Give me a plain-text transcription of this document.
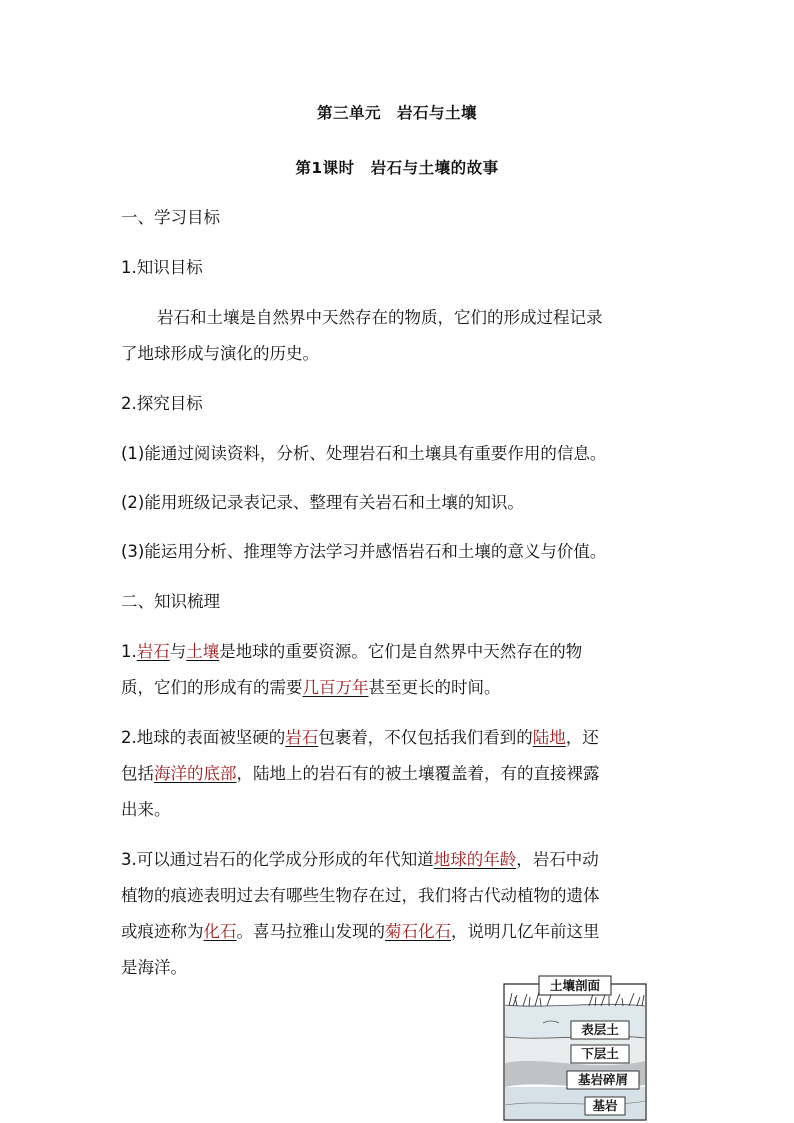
第三单元　岩石与土壤
第1课时　岩石与土壤的故事
一、学习目标
1.知识目标
岩石和土壤是自然界中天然存在的物质，它们的形成过程记录
了地球形成与演化的历史。
2.探究目标
(1)能通过阅读资料，分析、处理岩石和土壤具有重要作用的信息。
(2)能用班级记录表记录、整理有关岩石和土壤的知识。
(3)能运用分析、推理等方法学习并感悟岩石和土壤的意义与价值。
二、知识梳理
1.岩石与土壤是地球的重要资源。它们是自然界中天然存在的物
质，它们的形成有的需要几百万年甚至更长的时间。
2.地球的表面被坚硬的岩石包裹着，不仅包括我们看到的陆地，还
包括海洋的底部，陆地上的岩石有的被土壤覆盖着，有的直接裸露
出来。
3.可以通过岩石的化学成分形成的年代知道地球的年龄，岩石中动
植物的痕迹表明过去有哪些生物存在过，我们将古代动植物的遗体
或痕迹称为化石。喜马拉雅山发现的菊石化石，说明几亿年前这里
是海洋。
土壤剖面
表层土
下层土
基岩碎屑
基岩
